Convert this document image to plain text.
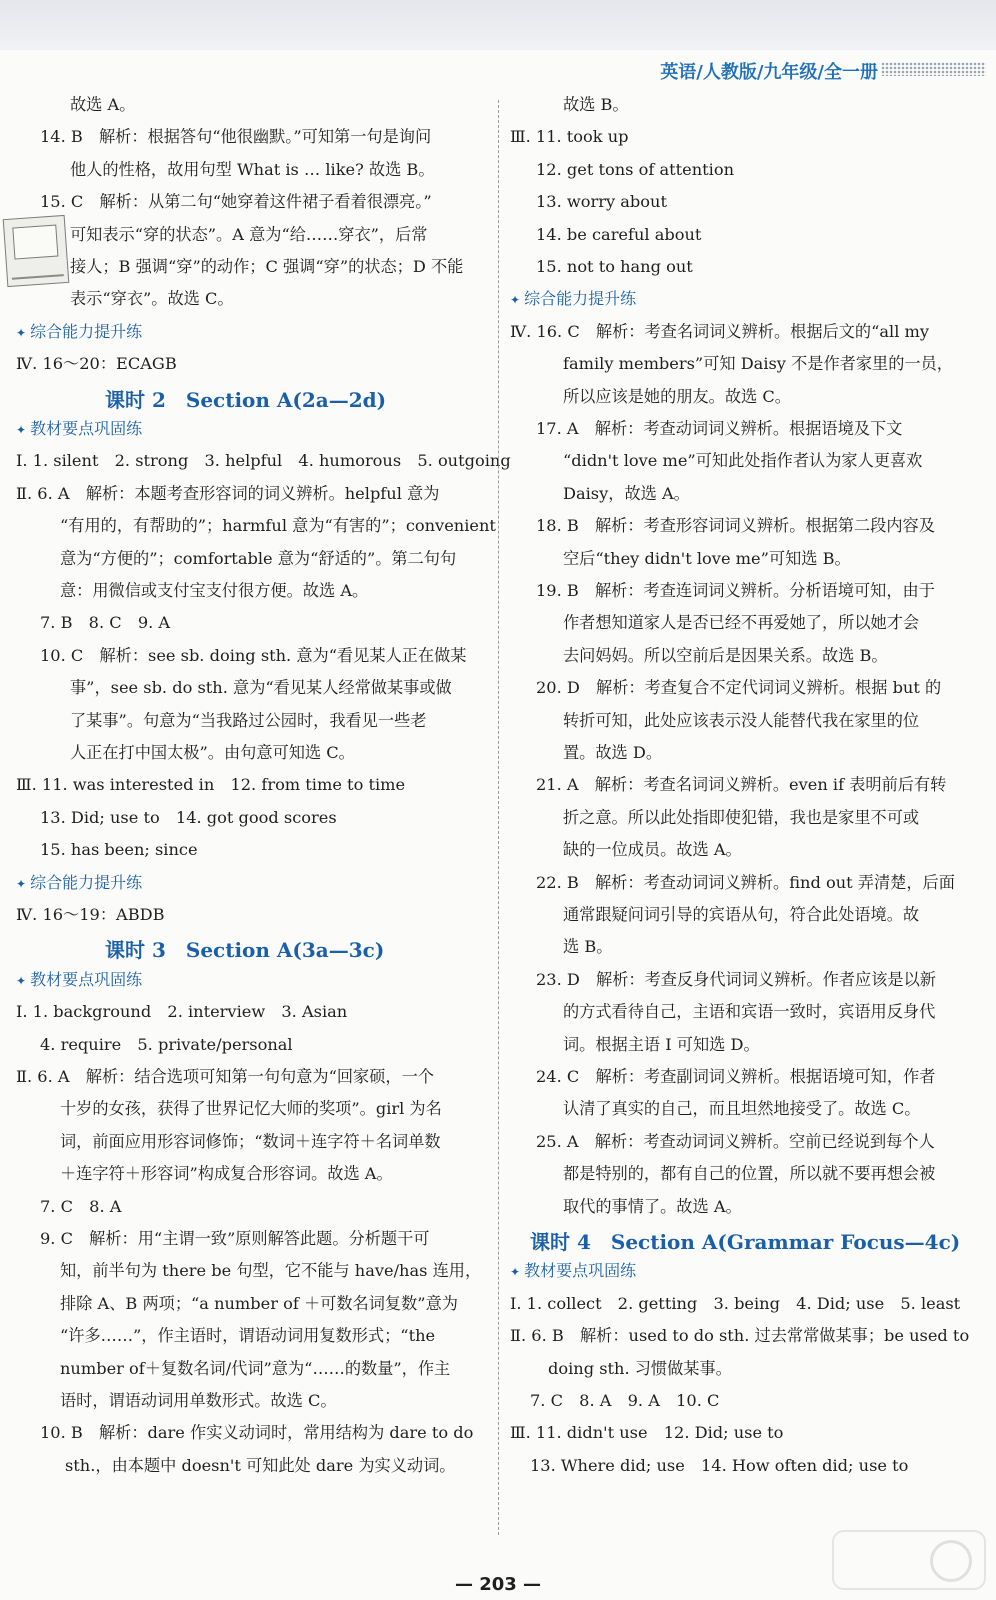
英语/人教版/九年级/全一册
故选 A。
14. B　解析：根据答句“他很幽默。”可知第一句是询问
他人的性格，故用句型 What is … like? 故选 B。
15. C　解析：从第二句“她穿着这件裙子看着很漂亮。”
可知表示“穿的状态”。A 意为“给……穿衣”，后常
接人；B 强调“穿”的动作；C 强调“穿”的状态；D 不能
表示“穿衣”。故选 C。
✦ 综合能力提升练
Ⅳ. 16～20：ECAGB
课时 2　Section A(2a—2d)
✦ 教材要点巩固练
Ⅰ. 1. silent　2. strong　3. helpful　4. humorous　5. outgoing
Ⅱ. 6. A　解析：本题考查形容词的词义辨析。helpful 意为
“有用的，有帮助的”；harmful 意为“有害的”；convenient
意为“方便的”；comfortable 意为“舒适的”。第二句句
意：用微信或支付宝支付很方便。故选 A。
7. B　8. C　9. A
10. C　解析：see sb. doing sth. 意为“看见某人正在做某
事”，see sb. do sth. 意为“看见某人经常做某事或做
了某事”。句意为“当我路过公园时，我看见一些老
人正在打中国太极”。由句意可知选 C。
Ⅲ. 11. was interested in　12. from time to time
13. Did; use to　14. got good scores
15. has been; since
✦ 综合能力提升练
Ⅳ. 16～19：ABDB
课时 3　Section A(3a—3c)
✦ 教材要点巩固练
Ⅰ. 1. background　2. interview　3. Asian
4. require　5. private/personal
Ⅱ. 6. A　解析：结合选项可知第一句句意为“回家硕，一个
十岁的女孩，获得了世界记忆大师的奖项”。girl 为名
词，前面应用形容词修饰；“数词＋连字符＋名词单数
＋连字符＋形容词”构成复合形容词。故选 A。
7. C　8. A
9. C　解析：用“主谓一致”原则解答此题。分析题干可
知，前半句为 there be 句型，它不能与 have/has 连用，
排除 A、B 两项；“a number of ＋可数名词复数”意为
“许多……”，作主语时，谓语动词用复数形式；“the
number of＋复数名词/代词”意为“……的数量”，作主
语时，谓语动词用单数形式。故选 C。
10. B　解析：dare 作实义动词时，常用结构为 dare to do
sth.，由本题中 doesn't 可知此处 dare 为实义动词。
故选 B。
Ⅲ. 11. took up
12. get tons of attention
13. worry about
14. be careful about
15. not to hang out
✦ 综合能力提升练
Ⅳ. 16. C　解析：考查名词词义辨析。根据后文的“all my
family members”可知 Daisy 不是作者家里的一员，
所以应该是她的朋友。故选 C。
17. A　解析：考查动词词义辨析。根据语境及下文
“didn't love me”可知此处指作者认为家人更喜欢
Daisy，故选 A。
18. B　解析：考查形容词词义辨析。根据第二段内容及
空后“they didn't love me”可知选 B。
19. B　解析：考查连词词义辨析。分析语境可知，由于
作者想知道家人是否已经不再爱她了，所以她才会
去问妈妈。所以空前后是因果关系。故选 B。
20. D　解析：考查复合不定代词词义辨析。根据 but 的
转折可知，此处应该表示没人能替代我在家里的位
置。故选 D。
21. A　解析：考查名词词义辨析。even if 表明前后有转
折之意。所以此处指即使犯错，我也是家里不可或
缺的一位成员。故选 A。
22. B　解析：考查动词词义辨析。find out 弄清楚，后面
通常跟疑问词引导的宾语从句，符合此处语境。故
选 B。
23. D　解析：考查反身代词词义辨析。作者应该是以新
的方式看待自己，主语和宾语一致时，宾语用反身代
词。根据主语 I 可知选 D。
24. C　解析：考查副词词义辨析。根据语境可知，作者
认清了真实的自己，而且坦然地接受了。故选 C。
25. A　解析：考查动词词义辨析。空前已经说到每个人
都是特别的，都有自己的位置，所以就不要再想会被
取代的事情了。故选 A。
课时 4　Section A(Grammar Focus—4c)
✦ 教材要点巩固练
Ⅰ. 1. collect　2. getting　3. being　4. Did; use　5. least
Ⅱ. 6. B　解析：used to do sth. 过去常常做某事；be used to
doing sth. 习惯做某事。
7. C　8. A　9. A　10. C
Ⅲ. 11. didn't use　12. Did; use to
13. Where did; use　14. How often did; use to
— 203 —
